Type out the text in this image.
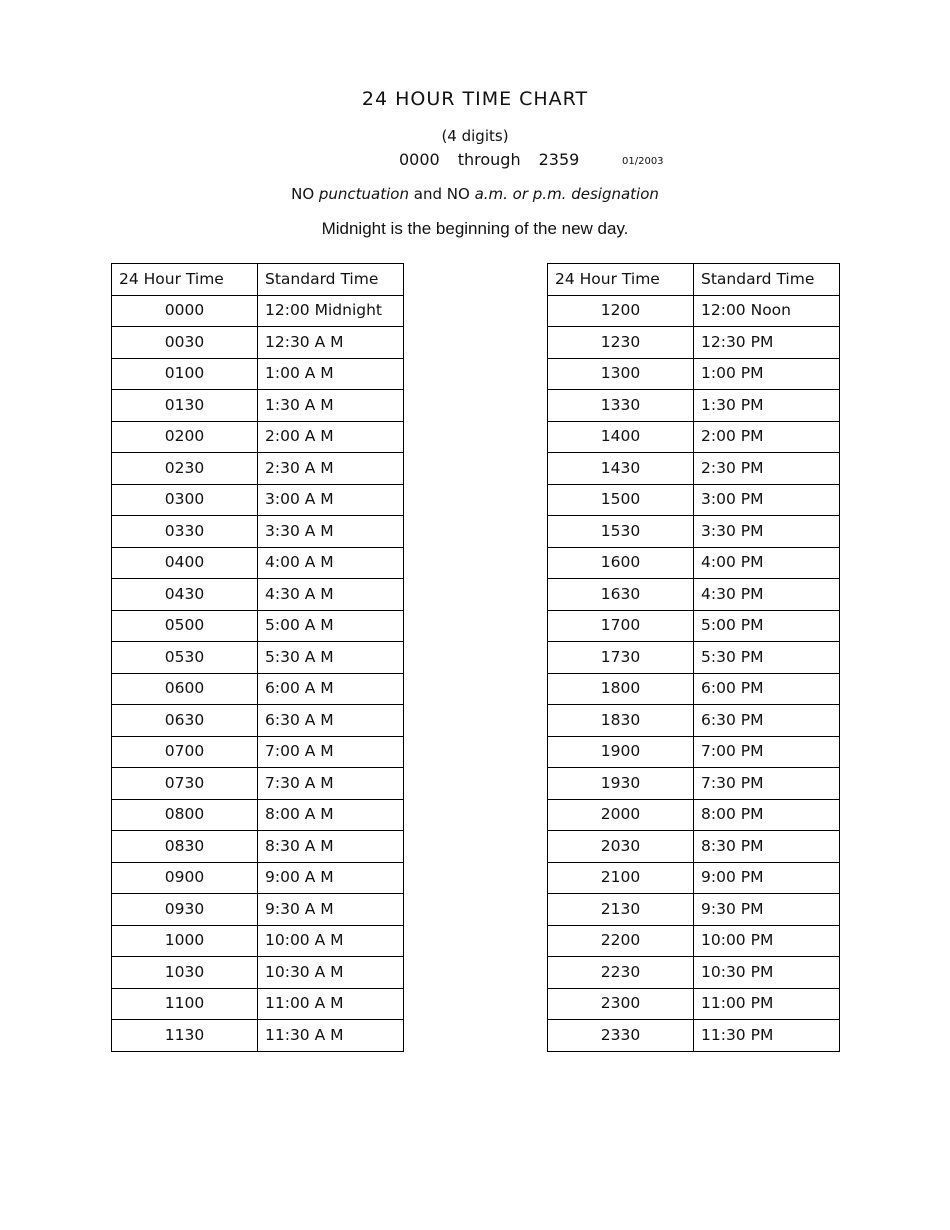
24 HOUR TIME CHART
(4 digits)
0000 through 2359	01/2003
NO punctuation and NO a.m. or p.m. designation
Midnight is the beginning of the new day.
24 Hour Time	Standard Time
0000	12:00 Midnight
0030	12:30 A M
0100	1:00 A M
0130	1:30 A M
0200	2:00 A M
0230	2:30 A M
0300	3:00 A M
0330	3:30 A M
0400	4:00 A M
0430	4:30 A M
0500	5:00 A M
0530	5:30 A M
0600	6:00 A M
0630	6:30 A M
0700	7:00 A M
0730	7:30 A M
0800	8:00 A M
0830	8:30 A M
0900	9:00 A M
0930	9:30 A M
1000	10:00 A M
1030	10:30 A M
1100	11:00 A M
1130	11:30 A M
24 Hour Time	Standard Time
1200	12:00 Noon
1230	12:30 PM
1300	1:00 PM
1330	1:30 PM
1400	2:00 PM
1430	2:30 PM
1500	3:00 PM
1530	3:30 PM
1600	4:00 PM
1630	4:30 PM
1700	5:00 PM
1730	5:30 PM
1800	6:00 PM
1830	6:30 PM
1900	7:00 PM
1930	7:30 PM
2000	8:00 PM
2030	8:30 PM
2100	9:00 PM
2130	9:30 PM
2200	10:00 PM
2230	10:30 PM
2300	11:00 PM
2330	11:30 PM
